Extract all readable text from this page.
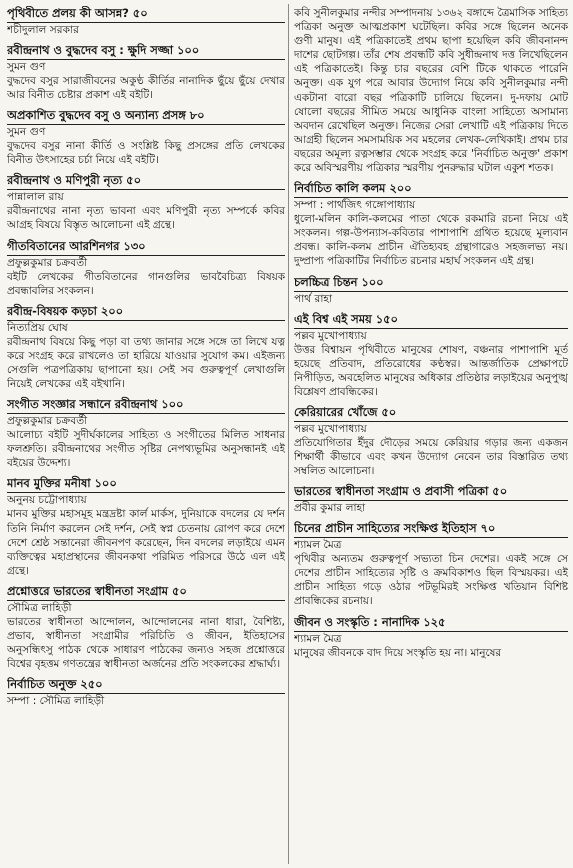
পৃথিবীতে প্রলয় কী আসন্ন? ৫০
শচীদুলাল সরকার
রবীন্দ্রনাথ ও বুদ্ধদেব বসু : ক্ষুদি সজ্জা ১০০
সুমন গুণ

বুদ্ধদেব বসুর সারাজীবনের অকুণ্ঠ কীর্তির নানাদিক ছুঁয়ে ছুঁয়ে দেখার আর বিনীত চেষ্টার প্রকাশ এই বইটি।

অপ্রকাশিত বুদ্ধদেব বসু ও অন্যান্য প্রসঙ্গ ৮০
সুমন গুণ

বুদ্ধদেব বসুর নানা কীর্তি ও সংশ্লিষ্ট কিছু প্রসঙ্গের প্রতি লেখকের বিনীত উৎসাহের চর্চা নিয়ে এই বইটি।

রবীন্দ্রনাথ ও মণিপুরী নৃত্য ৫০
পান্নালাল রায়

রবীন্দ্রনাথের নানা নৃত্য ভাবনা এবং মণিপুরী নৃত্য সম্পর্কে কবির আগ্রহ বিষয়ে বিস্তৃত আলোচনা এই গ্রন্থে।

গীতবিতানের আরশিনগর ১৩০
প্রফুল্লকুমার চক্রবর্তী

বইটি লেখকের গীতবিতানের গানগুলির ভাববৈচিত্র্য বিষয়ক প্রবন্ধাবলির সংকলন।

রবীন্দ্র-বিষয়ক কড়চা ২০০
নিত্যপ্রিয় ঘোষ

রবীন্দ্রনাথ বিষয়ে কিছু পড়া বা তথ্য জানার সঙ্গে সঙ্গে তা লিখে যত্ন করে সংগ্রহ করে রাখলেও তা হারিয়ে যাওয়ার সুযোগ কম। এইজন্য সেগুলি পত্রপত্রিকায় ছাপানো হয়। সেই সব গুরুত্বপূর্ণ লেখাগুলি নিয়েই লেখকের এই বইখানি।

সংগীত সংজ্ঞার সন্ধানে রবীন্দ্রনাথ ১০০
প্রফুল্লকুমার চক্রবর্তী

আলোচ্য বইটি সুদীর্ঘকালের সাহিত্য ও সংগীতের মিলিত সাধনার ফলশ্রুতি। রবীন্দ্রনাথের সংগীত সৃষ্টির নেপথ্যভূমির অনুসন্ধানই এই বইয়ের উদ্দেশ্য।

মানব মুক্তির মনীষা ১০০
অনুনয় চট্টোপাধ্যায়

মানব মুক্তির মহাসমূহ মন্ত্রদ্রষ্টা কার্ল মার্কস, দুনিয়াকে বদলের যে দর্শন তিনি নির্মাণ করলেন সেই দর্শন, সেই স্বপ্ন চেতনায় রোপণ করে দেশে দেশে শ্রেষ্ঠ সন্তানেরা জীবনপণ করেছেন, দিন বদলের লড়াইয়ে এমন ব্যক্তিত্বের মহাপ্রস্থানের জীবনকথা পরিমিত পরিসরে উঠে এল এই গ্রন্থে।

প্রশ্নোত্তরে ভারতের স্বাধীনতা সংগ্রাম ৫০
সৌমিত্র লাহিড়ী

ভারতের স্বাধীনতা আন্দোলন, আন্দোলনের নানা ধারা, বৈশিষ্ট্য, প্রভাব, স্বাধীনতা সংগ্রামীর পরিচিতি ও জীবন, ইতিহাসের অনুসন্ধিৎসু পাঠক থেকে সাধারণ পাঠকের জন্যও সহজ প্রশ্নোত্তরে বিশ্বের বৃহত্তম গণতন্ত্রের স্বাধীনতা অর্জনের প্রতি সংকলকের শ্রদ্ধার্ঘ্য।

নির্বাচিত অনুক্ত ২৫০
সম্পা : সৌমিত্র লাহিড়ী

কবি সুনীলকুমার নন্দীর সম্পাদনায় ১৩৬২ বঙ্গাব্দে ত্রৈমাসিক সাহিত্য পত্রিকা অনুক্ত আত্মপ্রকাশ ঘটেছিল। কবির সঙ্গে ছিলেন অনেক গুণী মানুষ। এই পত্রিকাতেই প্রথম ছাপা হয়েছিল কবি জীবনানন্দ দাশের ছোটগল্প। তাঁর শেষ প্রবন্ধটি কবি সুধীন্দ্রনাথ দত্ত লিখেছিলেন এই পত্রিকাতেই। কিন্তু চার বছরের বেশি টিকে থাকতে পারেনি অনুক্ত। এক যুগ পরে আবার উদ্যোগ নিয়ে কবি সুনীলকুমার নন্দী একটানা বারো বছর পত্রিকাটি চালিয়ে ছিলেন। দু-দফায় মোট ষোলো বছরের সীমিত সময়ে আধুনিক বাংলা সাহিত্যে অসামান্য অবদান রেখেছিল অনুক্ত। নিজের সেরা লেখাটি এই পত্রিকায় দিতে আগ্রহী ছিলেন সমসাময়িক সব মহলের লেখক-লেখিকাই। প্রথম চার বছরের অমূল্য রত্নসম্ভার থেকে সংগ্রহ করে 'নির্বাচিত অনুক্ত' প্রকাশ করে অবিস্মরণীয় পত্রিকার স্মরণীয় পুনরুদ্ধার ঘটাল একুশ শতক।

নির্বাচিত কালি কলম ২০০
সম্পা : পার্থজিৎ গঙ্গোপাধ্যায়

ধুলো-মলিন কালি-কলমের পাতা থেকে রকমারি রচনা নিয়ে এই সংকলন। গল্প-উপন্যাস-কবিতার পাশাপাশি গ্রথিত হয়েছে মূল্যবান প্রবন্ধ। কালি-কলম প্রাচীন ঐতিহ্যবহ গ্রন্থাগারেও সহজলভ্য নয়। দুষ্প্রাপ্য পত্রিকাটির নির্বাচিত রচনার মহার্ঘ সংকলন এই গ্রন্থ।

চলচ্চিত্র চিন্তন ১০০
পার্থ রাহা
এই বিশ্ব এই সময় ১৫০
পল্লব মুখোপাধ্যায়

উত্তর বিশ্বায়ন পৃথিবীতে মানুষের শোষণ, বঞ্চনার পাশাপাশি মূর্ত হয়েছে প্রতিবাদ, প্রতিরোধের কণ্ঠস্বর। আন্তর্জাতিক প্রেক্ষাপটে নিপীড়িত, অবহেলিত মানুষের অধিকার প্রতিষ্ঠার লড়াইয়ের অনুপুঙ্খ বিশ্লেষণ প্রাবন্ধিকের।

কেরিয়ারের খোঁজে ৫০
পল্লব মুখোপাধ্যায়

প্রতিযোগিতার ইঁদুর দৌড়ের সময়ে কেরিয়ার গড়ার জন্য একজন শিক্ষার্থী কীভাবে এবং কখন উদ্যোগ নেবেন তার বিস্তারিত তথ্য সম্বলিত আলোচনা।

ভারতের স্বাধীনতা সংগ্রাম ও প্রবাসী পত্রিকা ৫০
প্রবীর কুমার লাহা
চিনের প্রাচীন সাহিত্যের সংক্ষিপ্ত ইতিহাস ৭০
শ্যামল মৈত্র

পৃথিবীর অন্যতম গুরুত্বপূর্ণ সভ্যতা চিন দেশের। একই সঙ্গে সে দেশের প্রাচীন সাহিত্যের সৃষ্টি ও ক্রমবিকাশও ছিল বিস্ময়কর। এই প্রাচীন সাহিত্য গড়ে ওঠার পটভূমিরই সংক্ষিপ্ত খতিয়ান বিশিষ্ট প্রাবন্ধিকের রচনায়।

জীবন ও সংস্কৃতি : নানাদিক ১২৫
শ্যামল মৈত্র

মানুষের জীবনকে বাদ দিয়ে সংস্কৃতি হয় না। মানুষের
